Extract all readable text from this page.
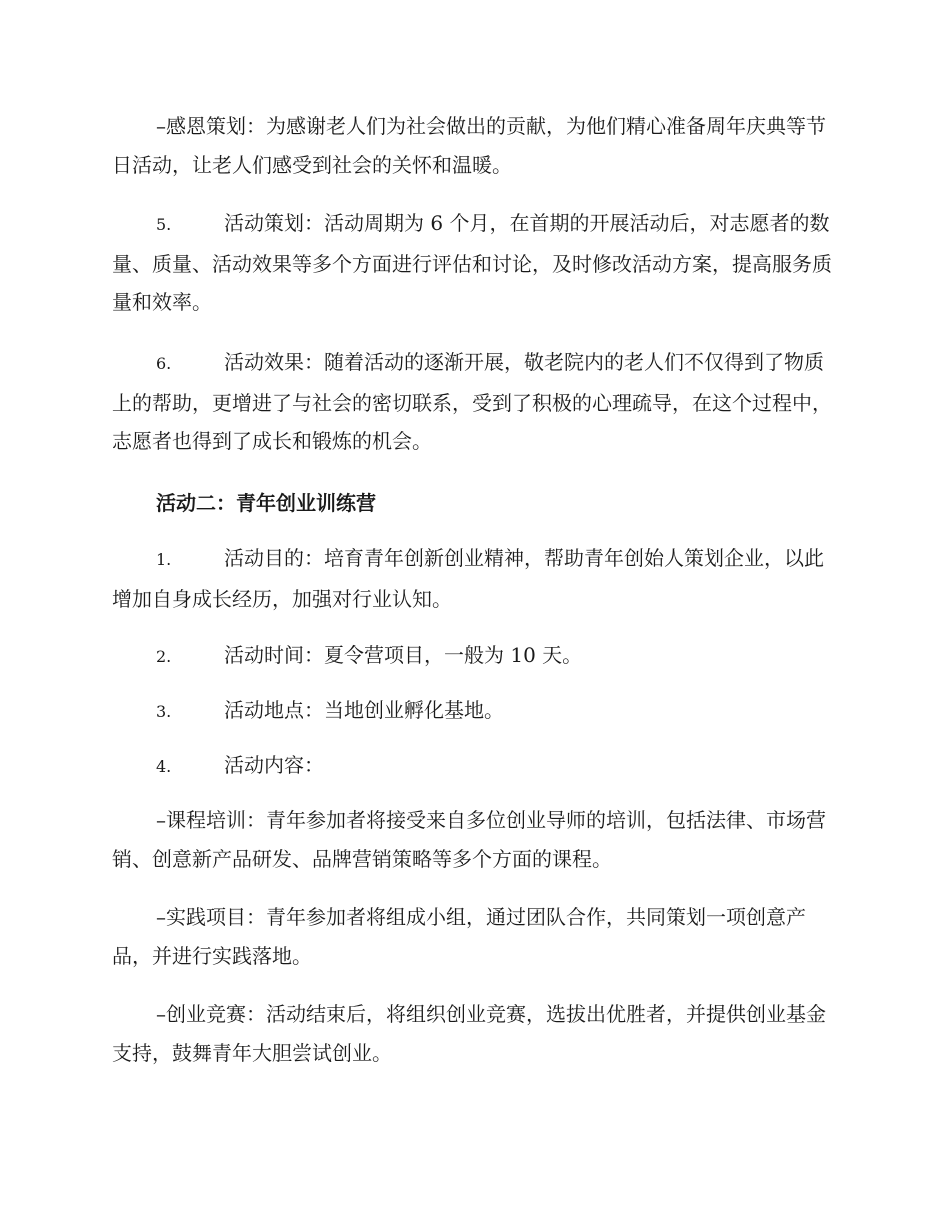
–感恩策划：为感谢老人们为社会做出的贡献，为他们精心准备周年庆典等节日活动，让老人们感受到社会的关怀和温暖。

5.	活动策划：活动周期为 6 个月，在首期的开展活动后，对志愿者的数量、质量、活动效果等多个方面进行评估和讨论，及时修改活动方案，提高服务质量和效率。

6.	活动效果：随着活动的逐渐开展，敬老院内的老人们不仅得到了物质上的帮助，更增进了与社会的密切联系，受到了积极的心理疏导，在这个过程中，志愿者也得到了成长和锻炼的机会。

活动二：青年创业训练营

1.	活动目的：培育青年创新创业精神，帮助青年创始人策划企业，以此增加自身成长经历，加强对行业认知。

2.	活动时间：夏令营项目，一般为 10 天。

3.	活动地点：当地创业孵化基地。

4.	活动内容：

–课程培训：青年参加者将接受来自多位创业导师的培训，包括法律、市场营销、创意新产品研发、品牌营销策略等多个方面的课程。

–实践项目：青年参加者将组成小组，通过团队合作，共同策划一项创意产品，并进行实践落地。

–创业竞赛：活动结束后，将组织创业竞赛，选拔出优胜者，并提供创业基金支持，鼓舞青年大胆尝试创业。
